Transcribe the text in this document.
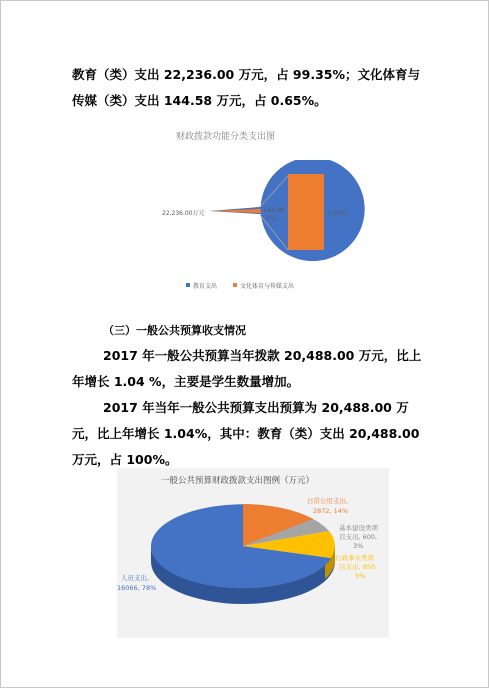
教育（类）支出 22,236.00 万元，占 99.35%；文化体育与传媒（类）支出 144.58 万元，占 0.65%。
财政拨款功能分类支出图
22,236.00万元	144.58
万元
0.65%
教育支出	文化体育与传媒支出
（三）一般公共预算收支情况
2017 年一般公共预算当年拨款 20,488.00 万元，比上年增长 1.04 %，主要是学生数量增加。
2017 年当年一般公共预算支出预算为 20,488.00 万元，比上年增长 1.04%，其中：教育（类）支出 20,488.00 万元，占 100%。
一般公共预算财政拨款支出图例（万元）
日常公用支出,
2872, 14%
基本建设类项
目支出, 600,
3%
行政事业类项
目支出, 950,
5%
人员支出,
16066, 78%
